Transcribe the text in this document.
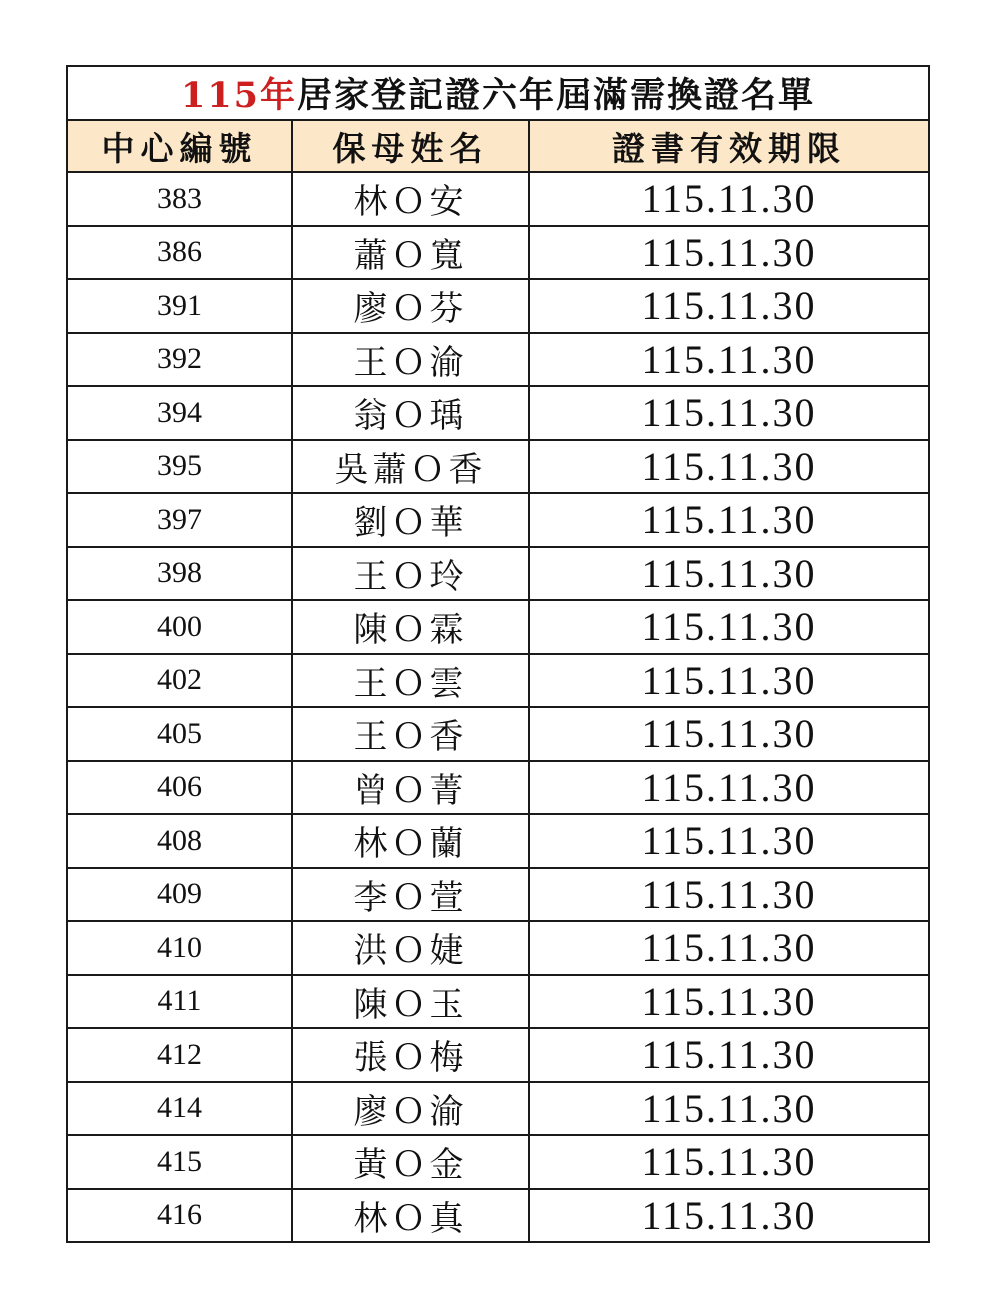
115年居家登記證六年屆滿需換證名單		
中心編號	保母姓名	證書有效期限
383	林Ｏ安	115.11.30
386	蕭Ｏ寬	115.11.30
391	廖Ｏ芬	115.11.30
392	王Ｏ渝	115.11.30
394	翁Ｏ瑀	115.11.30
395	吳蕭Ｏ香	115.11.30
397	劉Ｏ華	115.11.30
398	王Ｏ玲	115.11.30
400	陳Ｏ霖	115.11.30
402	王Ｏ雲	115.11.30
405	王Ｏ香	115.11.30
406	曾Ｏ菁	115.11.30
408	林Ｏ蘭	115.11.30
409	李Ｏ萱	115.11.30
410	洪Ｏ婕	115.11.30
411	陳Ｏ玉	115.11.30
412	張Ｏ梅	115.11.30
414	廖Ｏ渝	115.11.30
415	黃Ｏ金	115.11.30
416	林Ｏ真	115.11.30
